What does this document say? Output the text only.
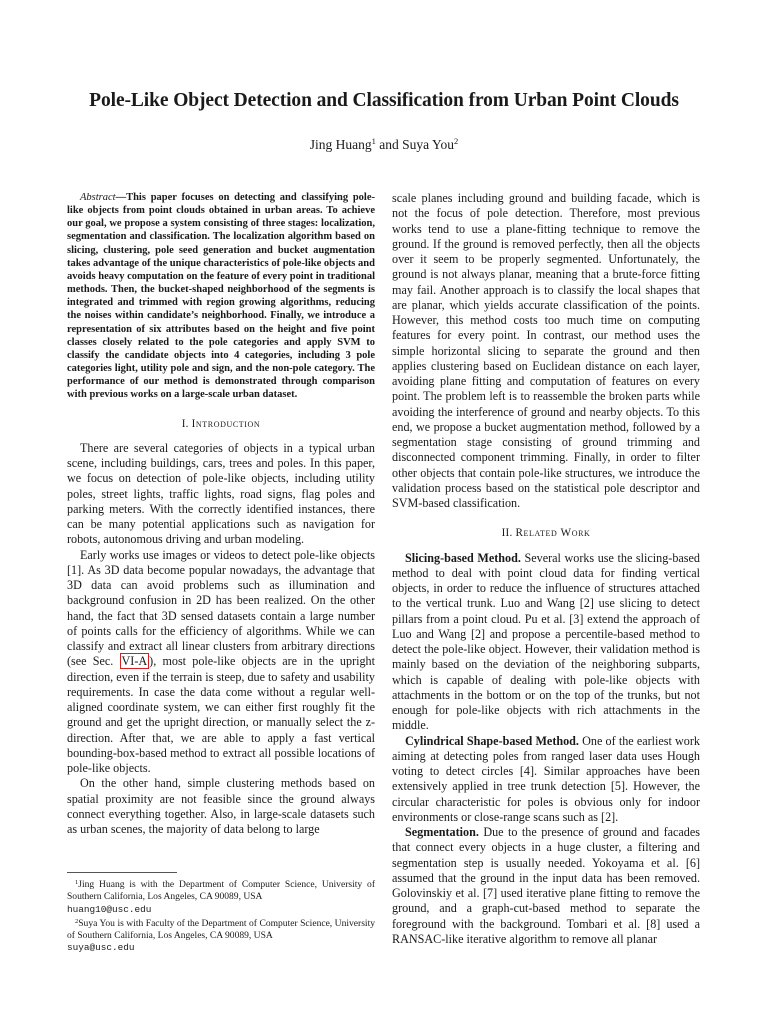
Pole-Like Object Detection and Classification from Urban Point Clouds
Jing Huang$^1$ and Suya You$^2$

Abstract—This paper focuses on detecting and classifying pole-like objects from point clouds obtained in urban areas. To achieve our goal, we propose a system consisting of three stages: localization, segmentation and classification. The localization algorithm based on slicing, clustering, pole seed generation and bucket augmentation takes advantage of the unique characteristics of pole-like objects and avoids heavy computation on the feature of every point in traditional methods. Then, the bucket-shaped neighborhood of the segments is integrated and trimmed with region growing algorithms, reducing the noises within candidate’s neighborhood. Finally, we introduce a representation of six attributes based on the height and five point classes closely related to the pole categories and apply SVM to classify the candidate objects into 4 categories, including 3 pole categories light, utility pole and sign, and the non-pole category. The performance of our method is demonstrated through comparison with previous works on a large-scale urban dataset.

I. Introduction

There are several categories of objects in a typical urban scene, including buildings, cars, trees and poles. In this paper, we focus on detection of pole-like objects, including utility poles, street lights, traffic lights, road signs, flag poles and parking meters. With the correctly identified instances, there can be many potential applications such as navigation for robots, autonomous driving and urban modeling.

Early works use images or videos to detect pole-like objects [1]. As 3D data become popular nowadays, the advantage that 3D data can avoid problems such as illumination and background confusion in 2D has been realized. On the other hand, the fact that 3D sensed datasets contain a large number of points calls for the efficiency of algorithms. While we can classify and extract all linear clusters from arbitrary directions (see Sec. VI-A ), most pole-like objects are in the upright direction, even if the terrain is steep, due to safety and usability requirements. In case the data come without a regular well-aligned coordinate system, we can either first roughly fit the ground and get the upright direction, or manually select the z-direction. After that, we are able to apply a fast vertical bounding-box-based method to extract all possible locations of pole-like objects.

On the other hand, simple clustering methods based on spatial proximity are not feasible since the ground always connect everything together. Also, in large-scale datasets such as urban scenes, the majority of data belong to large

$^1$Jing Huang is with the Department of Computer Science, University of Southern California, Los Angeles, CA 90089, USA
huang10@usc.edu

$^2$Suya You is with Faculty of the Department of Computer Science, University of Southern California, Los Angeles, CA 90089, USA
suya@usc.edu

scale planes including ground and building facade, which is not the focus of pole detection. Therefore, most previous works tend to use a plane-fitting technique to remove the ground. If the ground is removed perfectly, then all the objects over it seem to be properly segmented. Unfortunately, the ground is not always planar, meaning that a brute-force fitting may fail. Another approach is to classify the local shapes that are planar, which yields accurate classification of the points. However, this method costs too much time on computing features for every point. In contrast, our method uses the simple horizontal slicing to separate the ground and then applies clustering based on Euclidean distance on each layer, avoiding plane fitting and computation of features on every point. The problem left is to reassemble the broken parts while avoiding the interference of ground and nearby objects. To this end, we propose a bucket augmentation method, followed by a segmentation stage consisting of ground trimming and disconnected component trimming. Finally, in order to filter other objects that contain pole-like structures, we introduce the validation process based on the statistical pole descriptor and SVM-based classification.

II. Related Work

Slicing-based Method. Several works use the slicing-based method to deal with point cloud data for finding vertical objects, in order to reduce the influence of structures attached to the vertical trunk. Luo and Wang [2] use slicing to detect pillars from a point cloud. Pu et al. [3] extend the approach of Luo and Wang [2] and propose a percentile-based method to detect the pole-like object. However, their validation method is mainly based on the deviation of the neighboring subparts, which is capable of dealing with pole-like objects with attachments in the bottom or on the top of the trunks, but not enough for pole-like objects with rich attachments in the middle.

Cylindrical Shape-based Method. One of the earliest work aiming at detecting poles from ranged laser data uses Hough voting to detect circles [4]. Similar approaches have been extensively applied in tree trunk detection [5]. However, the circular characteristic for poles is obvious only for indoor environments or close-range scans such as [2].

Segmentation. Due to the presence of ground and facades that connect every objects in a huge cluster, a filtering and segmentation step is usually needed. Yokoyama et al. [6] assumed that the ground in the input data has been removed. Golovinskiy et al. [7] used iterative plane fitting to remove the ground, and a graph-cut-based method to separate the foreground with the background. Tombari et al. [8] used a RANSAC-like iterative algorithm to remove all planar
